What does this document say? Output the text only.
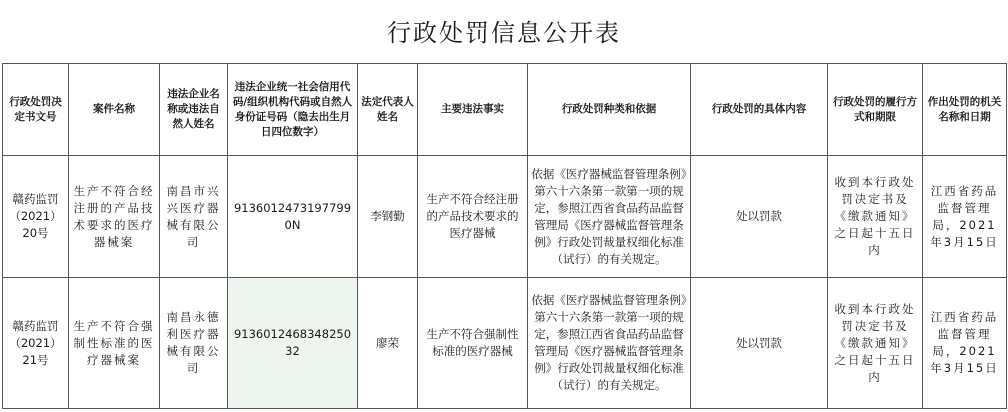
行政处罚信息公开表
行政处罚决定书文号	案件名称	违法企业名称或违法自然人姓名	违法企业统一社会信用代码/组织机构代码或自然人身份证号码（隐去出生月日四位数字）	法定代表人姓名	主要违法事实	行政处罚种类和依据	行政处罚的具体内容	行政处罚的履行方式和期限	作出处罚的机关名称和日期
赣药监罚（2021）20号	生产不符合经注册的产品技术要求的医疗器械案	南昌市兴兴医疗器械有限公司	91360124731977990N	李钢勤	生产不符合经注册的产品技术要求的医疗器械	依据《医疗器械监督管理条例》第六十六条第一款第一项的规定，参照江西省食品药品监督管理局《医疗器械监督管理条例》行政处罚裁量权细化标准（试行）的有关规定。	处以罚款	收到本行政处罚决定书及《缴款通知》之日起十五日内	江西省药品监督管理局，2021年3月15日
赣药监罚（2021）21号	生产不符合强制性标准的医疗器械案	南昌永德利医疗器械有限公司	913601246834825032	廖荣	生产不符合强制性标准的医疗器械	依据《医疗器械监督管理条例》第六十六条第一款第一项的规定，参照江西省食品药品监督管理局《医疗器械监督管理条例》行政处罚裁量权细化标准（试行）的有关规定。	处以罚款	收到本行政处罚决定书及《缴款通知》之日起十五日内	江西省药品监督管理局，2021年3月15日
